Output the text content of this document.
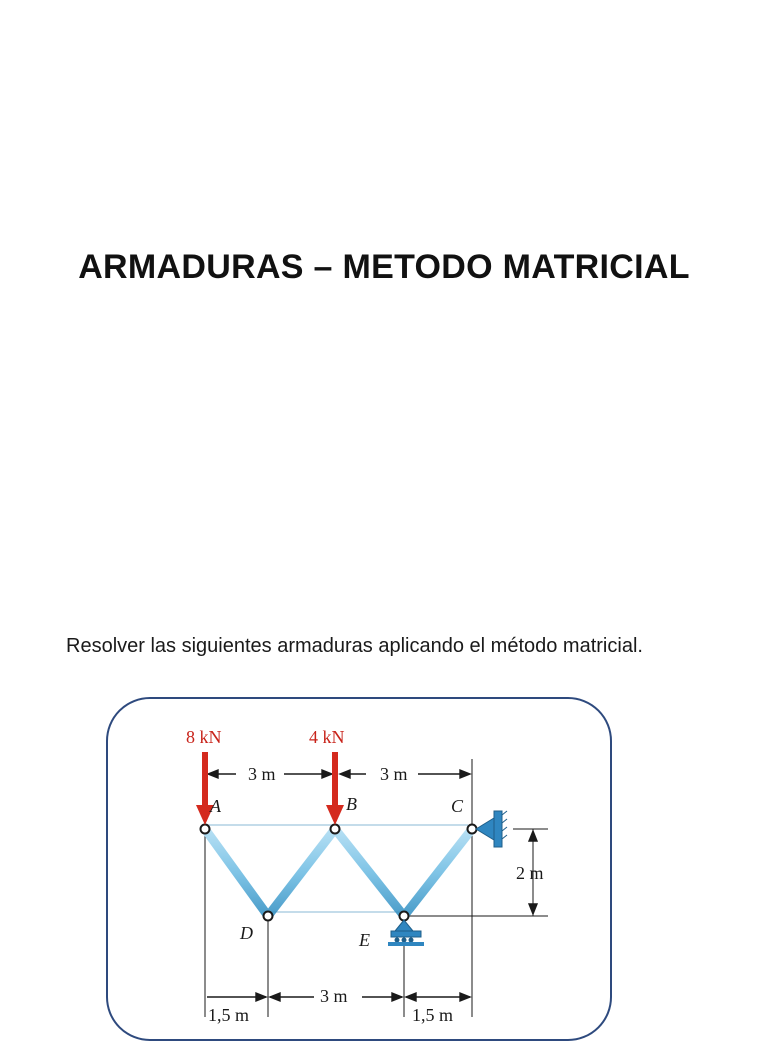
ARMADURAS – METODO MATRICIAL
Resolver las siguientes armaduras aplicando el método matricial.
8 kN	4 kN
3 m	3 m
2 m
1,5 m
3 m
1,5 m
A	B	C
D	E
